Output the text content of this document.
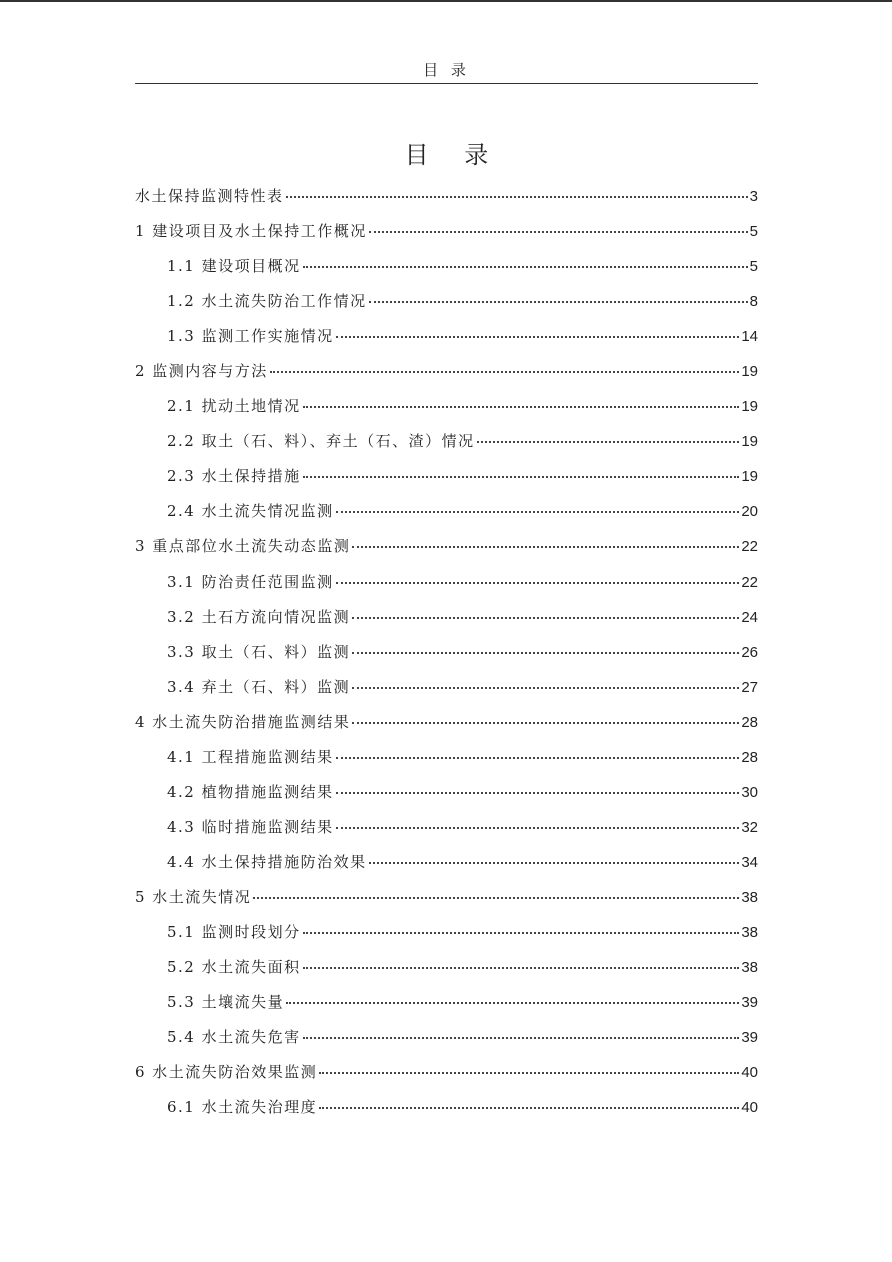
目 录
目 录
水土保持监测特性表	3
1 建设项目及水土保持工作概况	5
1.1 建设项目概况	5
1.2 水土流失防治工作情况	8
1.3 监测工作实施情况	14
2 监测内容与方法	19
2.1 扰动土地情况	19
2.2 取土（石、料）、弃土（石、渣）情况	19
2.3 水土保持措施	19
2.4 水土流失情况监测	20
3 重点部位水土流失动态监测	22
3.1 防治责任范围监测	22
3.2 土石方流向情况监测	24
3.3 取土（石、料）监测	26
3.4 弃土（石、料）监测	27
4 水土流失防治措施监测结果	28
4.1 工程措施监测结果	28
4.2 植物措施监测结果	30
4.3 临时措施监测结果	32
4.4 水土保持措施防治效果	34
5 水土流失情况	38
5.1 监测时段划分	38
5.2 水土流失面积	38
5.3 土壤流失量	39
5.4 水土流失危害	39
6 水土流失防治效果监测	40
6.1 水土流失治理度	40
